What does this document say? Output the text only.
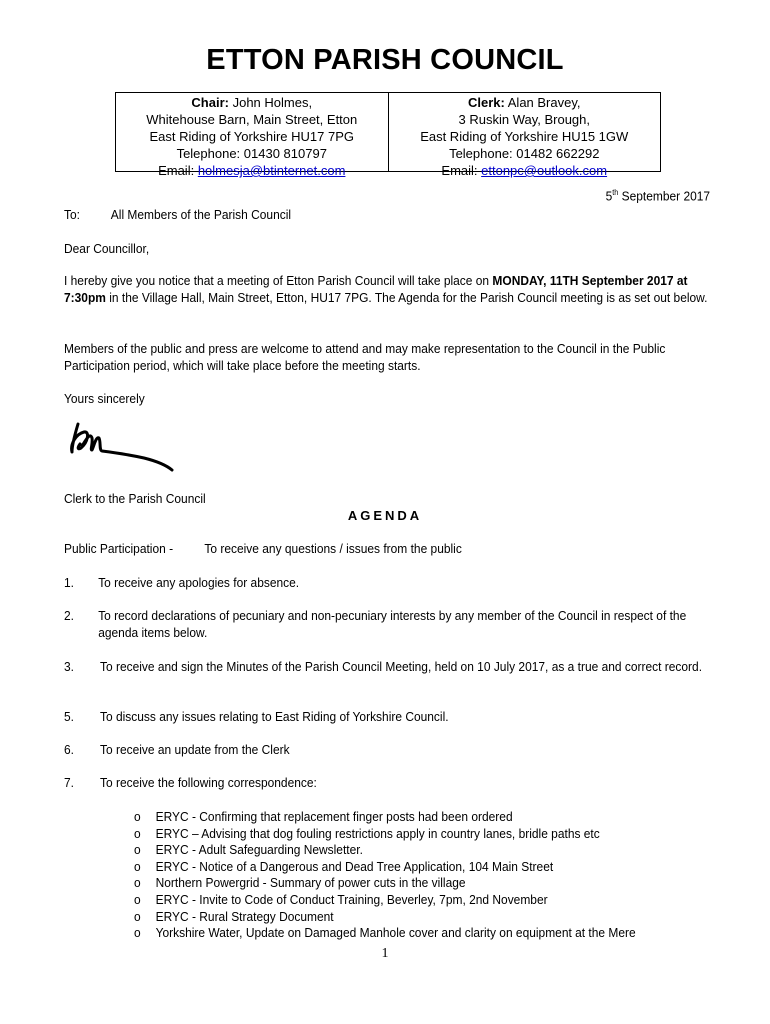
ETTON PARISH COUNCIL
Chair: John Holmes,
Whitehouse Barn, Main Street, Etton
East Riding of Yorkshire HU17 7PG
Telephone: 01430 810797
Email: holmesja@btinternet.com
Clerk: Alan Bravey,
3 Ruskin Way, Brough,
East Riding of Yorkshire HU15 1GW
Telephone: 01482 662292
Email: ettonpc@outlook.com
5th September 2017
To: All Members of the Parish Council
Dear Councillor,
I hereby give you notice that a meeting of Etton Parish Council will take place on MONDAY, 11TH September 2017 at 7:30pm in the Village Hall, Main Street, Etton, HU17 7PG. The Agenda for the Parish Council meeting is as set out below.
Members of the public and press are welcome to attend and may make representation to the Council in the Public Participation period, which will take place before the meeting starts.
Yours sincerely
Clerk to the Parish Council
AGENDA
Public Participation - To receive any questions / issues from the public
1.	To receive any apologies for absence.
2.	To record declarations of pecuniary and non-pecuniary interests by any member of the Council in respect of the agenda items below.
3.	To receive and sign the Minutes of the Parish Council Meeting, held on 10 July 2017, as a true and correct record.
5.	To discuss any issues relating to East Riding of Yorkshire Council.
6.	To receive an update from the Clerk
7.	To receive the following correspondence:
o	ERYC - Confirming that replacement finger posts had been ordered
o	ERYC – Advising that dog fouling restrictions apply in country lanes, bridle paths etc
o	ERYC - Adult Safeguarding Newsletter.
o	ERYC - Notice of a Dangerous and Dead Tree Application, 104 Main Street
o	Northern Powergrid - Summary of power cuts in the village
o	ERYC - Invite to Code of Conduct Training, Beverley, 7pm, 2nd November
o	ERYC - Rural Strategy Document
o	Yorkshire Water, Update on Damaged Manhole cover and clarity on equipment at the Mere
1
